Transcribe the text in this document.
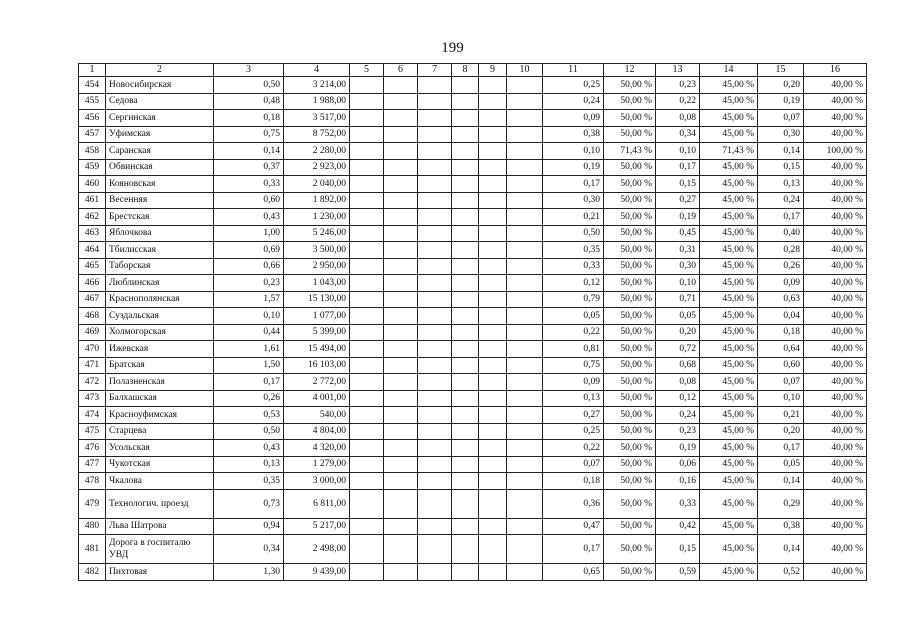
199
1	2	3	4	5	6	7	8	9	10	11	12	13	14	15	16
454	Новосибирская	0,50	3 214,00							0,25	50,00 %	0,23	45,00 %	0,20	40,00 %
455	Седова	0,48	1 988,00							0,24	50,00 %	0,22	45,00 %	0,19	40,00 %
456	Сергинская	0,18	3 517,00							0,09	50,00 %	0,08	45,00 %	0,07	40,00 %
457	Уфимская	0,75	8 752,00							0,38	50,00 %	0,34	45,00 %	0,30	40,00 %
458	Саранская	0,14	2 280,00							0,10	71,43 %	0,10	71,43 %	0,14	100,00 %
459	Обвинская	0,37	2 923,00							0,19	50,00 %	0,17	45,00 %	0,15	40,00 %
460	Кояновская	0,33	2 040,00							0,17	50,00 %	0,15	45,00 %	0,13	40,00 %
461	Весенняя	0,60	1 892,00							0,30	50,00 %	0,27	45,00 %	0,24	40,00 %
462	Брестская	0,43	1 230,00							0,21	50,00 %	0,19	45,00 %	0,17	40,00 %
463	Яблочкова	1,00	5 246,00							0,50	50,00 %	0,45	45,00 %	0,40	40,00 %
464	Тбилисская	0,69	3 500,00							0,35	50,00 %	0,31	45,00 %	0,28	40,00 %
465	Таборская	0,66	2 950,00							0,33	50,00 %	0,30	45,00 %	0,26	40,00 %
466	Люблинская	0,23	1 043,00							0,12	50,00 %	0,10	45,00 %	0,09	40,00 %
467	Краснополянская	1,57	15 130,00							0,79	50,00 %	0,71	45,00 %	0,63	40,00 %
468	Суздальская	0,10	1 077,00							0,05	50,00 %	0,05	45,00 %	0,04	40,00 %
469	Холмогорская	0,44	5 399,00							0,22	50,00 %	0,20	45,00 %	0,18	40,00 %
470	Ижевская	1,61	15 494,00							0,81	50,00 %	0,72	45,00 %	0,64	40,00 %
471	Братская	1,50	16 103,00							0,75	50,00 %	0,68	45,00 %	0,60	40,00 %
472	Полазненская	0,17	2 772,00							0,09	50,00 %	0,08	45,00 %	0,07	40,00 %
473	Балхашская	0,26	4 001,00							0,13	50,00 %	0,12	45,00 %	0,10	40,00 %
474	Красноуфимская	0,53	540,00							0,27	50,00 %	0,24	45,00 %	0,21	40,00 %
475	Старцева	0,50	4 804,00							0,25	50,00 %	0,23	45,00 %	0,20	40,00 %
476	Усольская	0,43	4 320,00							0,22	50,00 %	0,19	45,00 %	0,17	40,00 %
477	Чукотская	0,13	1 279,00							0,07	50,00 %	0,06	45,00 %	0,05	40,00 %
478	Чкалова	0,35	3 000,00							0,18	50,00 %	0,16	45,00 %	0,14	40,00 %
479	Технологич. проезд	0,73	6 811,00							0,36	50,00 %	0,33	45,00 %	0,29	40,00 %
480	Льва Шатрова	0,94	5 217,00							0,47	50,00 %	0,42	45,00 %	0,38	40,00 %
481	Дорога в госпиталю УВД	0,34	2 498,00							0,17	50,00 %	0,15	45,00 %	0,14	40,00 %
482	Пихтовая	1,30	9 439,00							0,65	50,00 %	0,59	45,00 %	0,52	40,00 %
